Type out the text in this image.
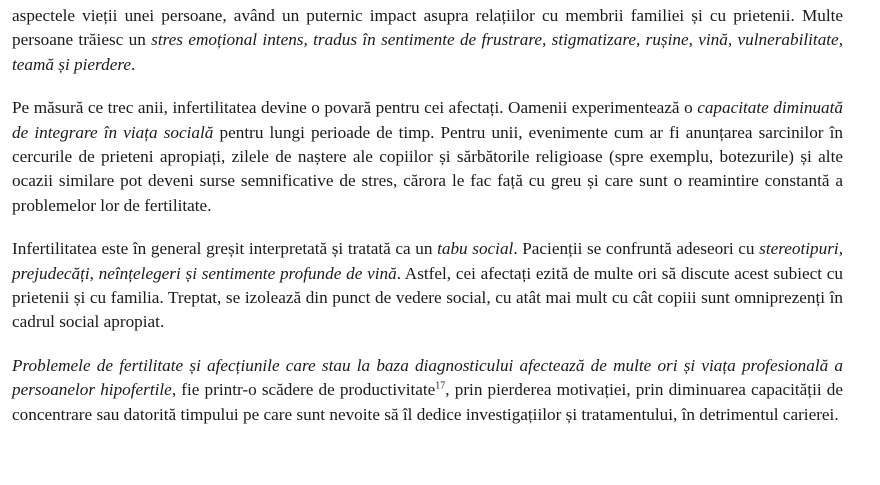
aspectele vieții unei persoane, având un puternic impact asupra relațiilor cu membrii familiei și cu prietenii. Multe persoane trăiesc un stres emoțional intens, tradus în sentimente de frustrare, stigmatizare, rușine, vină, vulnerabilitate, teamă și pierdere.

Pe măsură ce trec anii, infertilitatea devine o povară pentru cei afectați. Oamenii experimentează o capacitate diminuată de integrare în viața socială pentru lungi perioade de timp. Pentru unii, evenimente cum ar fi anunțarea sarcinilor în cercurile de prieteni apropiați, zilele de naștere ale copiilor și sărbătorile religioase (spre exemplu, botezurile) și alte ocazii similare pot deveni surse semnificative de stres, cărora le fac față cu greu și care sunt o reamintire constantă a problemelor lor de fertilitate.

Infertilitatea este în general greșit interpretată și tratată ca un tabu social. Pacienții se confruntă adeseori cu stereotipuri, prejudecăți, neînțelegeri și sentimente profunde de vină. Astfel, cei afectați ezită de multe ori să discute acest subiect cu prietenii și cu familia. Treptat, se izolează din punct de vedere social, cu atât mai mult cu cât copiii sunt omniprezenți în cadrul social apropiat.

Problemele de fertilitate și afecțiunile care stau la baza diagnosticului afectează de multe ori și viața profesională a persoanelor hipofertile, fie printr-o scădere de productivitate$^{17}$, prin pierderea motivației, prin diminuarea capacității de concentrare sau datorită timpului pe care sunt nevoite să îl dedice investigațiilor și tratamentului, în detrimentul carierei.
